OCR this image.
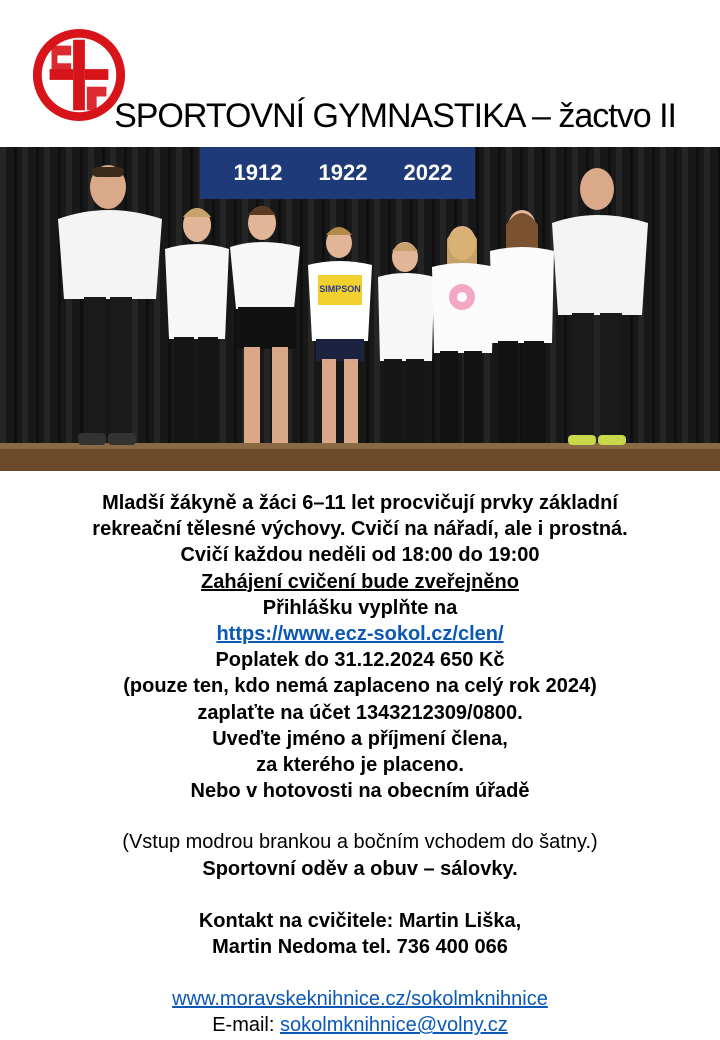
SPORTOVNÍ GYMNASTIKA – žactvo II
1912 1922 2022
SIMPSON

Mladší žákyně a žáci 6–11 let procvičují prvky základní

rekreační tělesné výchovy. Cvičí na nářadí, ale i prostná.

Cvičí každou neděli od 18:00 do 19:00

Zahájení cvičení bude zveřejněno

Přihlášku vyplňte na

https://www.ecz-sokol.cz/clen/

Poplatek do 31.12.2024 650 Kč

(pouze ten, kdo nemá zaplaceno na celý rok 2024)

zaplaťte na účet 1343212309/0800.

Uveďte jméno a příjmení člena,

za kterého je placeno.

Nebo v hotovosti na obecním úřadě

(Vstup modrou brankou a bočním vchodem do šatny.)

Sportovní oděv a obuv – sálovky.

Kontakt na cvičitele: Martin Liška,

Martin Nedoma tel. 736 400 066

www.moravskeknihnice.cz/sokolmknihnice

E-mail: sokolmknihnice@volny.cz
